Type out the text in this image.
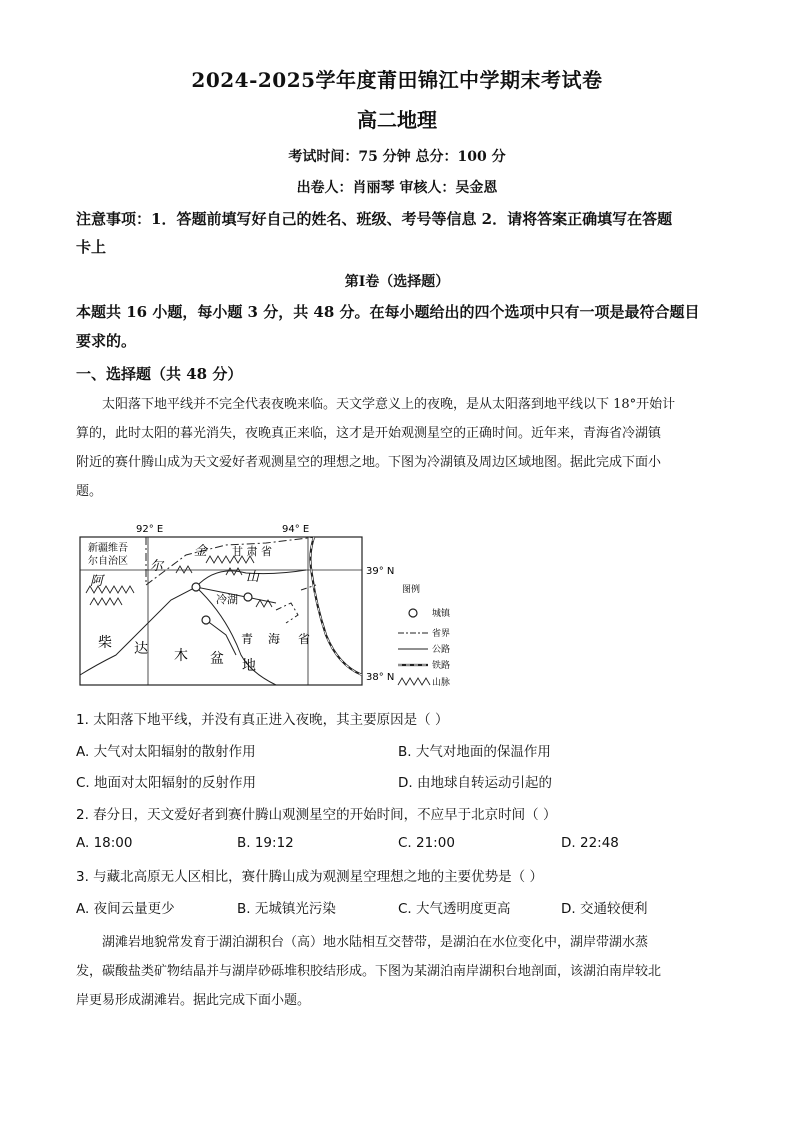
2024-2025学年度莆田锦江中学期末考试卷
高二地理
考试时间：75 分钟 总分：100 分
出卷人：肖丽琴 审核人：吴金恩
注意事项：1．答题前填写好自己的姓名、班级、考号等信息 2．请将答案正确填写在答题
卡上
第Ⅰ卷（选择题）
本题共 16 小题，每小题 3 分，共 48 分。在每小题给出的四个选项中只有一项是最符合题目
要求的。
一、选择题（共 48 分）
太阳落下地平线并不完全代表夜晚来临。天文学意义上的夜晚，是从太阳落到地平线以下 18°开始计
算的，此时太阳的暮光消失，夜晚真正来临，这才是开始观测星空的正确时间。近年来，青海省冷湖镇
附近的赛什腾山成为天文爱好者观测星空的理想之地。下图为冷湖镇及周边区域地图。据此完成下面小
题。
92° E	94° E
39° N
38° N
新疆维吾
尔自治区
甘 肃 省
冷湖
阿
尔
金
山
柴 达 木 盆 地
青 海 省
图例
城镇
省界
公路
铁路
山脉
1. 太阳落下地平线，并没有真正进入夜晚，其主要原因是（ ）
A. 大气对太阳辐射的散射作用	B. 大气对地面的保温作用
C. 地面对太阳辐射的反射作用	D. 由地球自转运动引起的
2. 春分日，天文爱好者到赛什腾山观测星空的开始时间，不应早于北京时间（ ）
A. 18:00	B. 19:12	C. 21:00	D. 22:48
3. 与藏北高原无人区相比，赛什腾山成为观测星空理想之地的主要优势是（ ）
A. 夜间云量更少	B. 无城镇光污染	C. 大气透明度更高	D. 交通较便利
湖滩岩地貌常发育于湖泊湖积台（高）地水陆相互交替带，是湖泊在水位变化中，湖岸带湖水蒸
发，碳酸盐类矿物结晶并与湖岸砂砾堆积胶结形成。下图为某湖泊南岸湖积台地剖面，该湖泊南岸较北
岸更易形成湖滩岩。据此完成下面小题。
